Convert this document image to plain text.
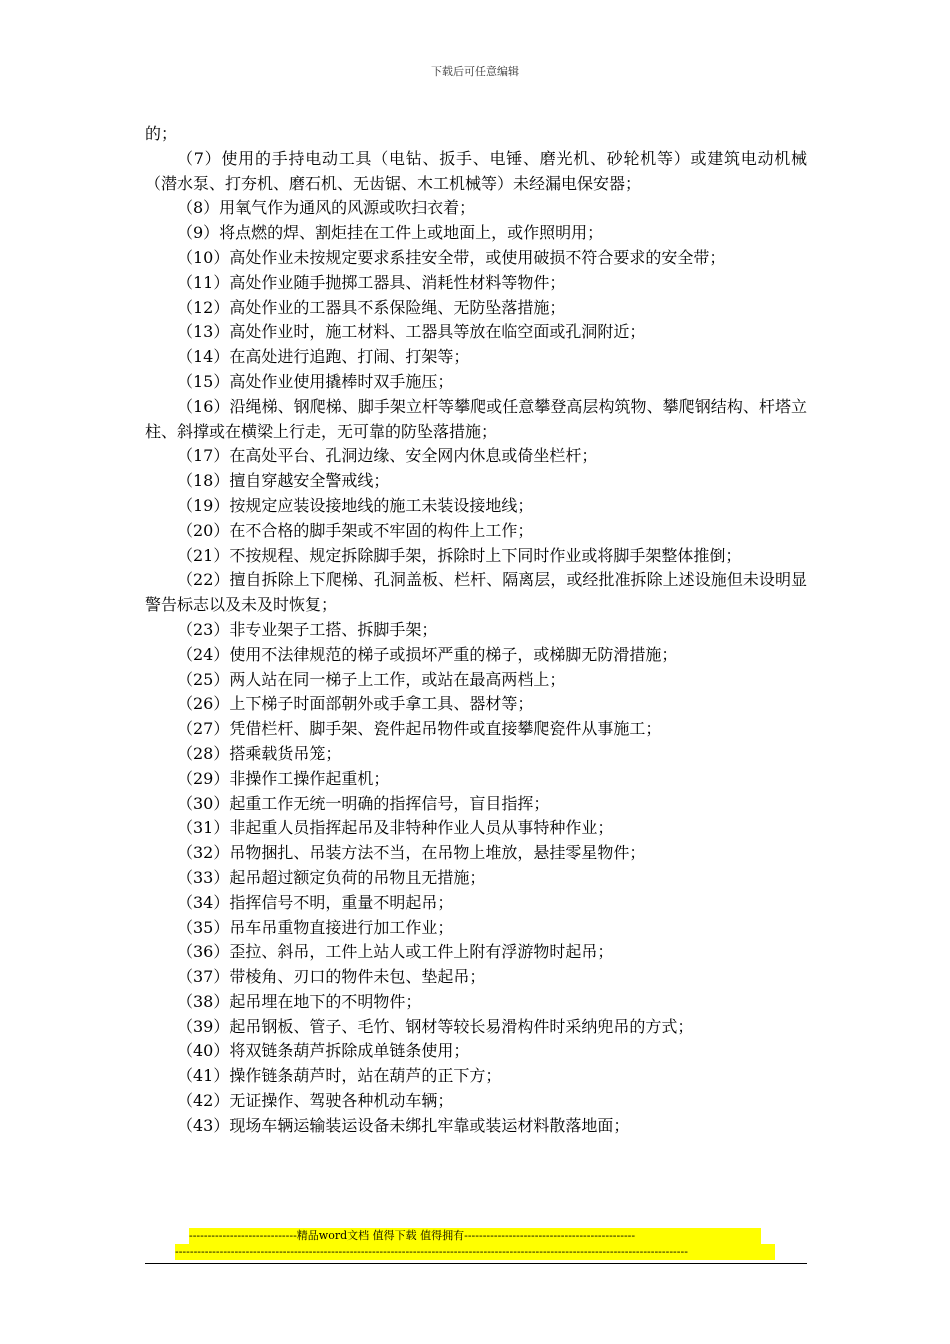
下载后可任意编辑

的；

（7）使用的手持电动工具（电钻、扳手、电锤、磨光机、砂轮机等）或建筑电动机械（潜水泵、打夯机、磨石机、无齿锯、木工机械等）未经漏电保安器；

（8）用氧气作为通风的风源或吹扫衣着；

（9）将点燃的焊、割炬挂在工件上或地面上，或作照明用；

（10）高处作业未按规定要求系挂安全带，或使用破损不符合要求的安全带；

（11）高处作业随手抛掷工器具、消耗性材料等物件；

（12）高处作业的工器具不系保险绳、无防坠落措施；

（13）高处作业时，施工材料、工器具等放在临空面或孔洞附近；

（14）在高处进行追跑、打闹、打架等；

（15）高处作业使用撬棒时双手施压；

（16）沿绳梯、钢爬梯、脚手架立杆等攀爬或任意攀登高层构筑物、攀爬钢结构、杆塔立柱、斜撑或在横梁上行走，无可靠的防坠落措施；

（17）在高处平台、孔洞边缘、安全网内休息或倚坐栏杆；

（18）擅自穿越安全警戒线；

（19）按规定应装设接地线的施工未装设接地线；

（20）在不合格的脚手架或不牢固的构件上工作；

（21）不按规程、规定拆除脚手架，拆除时上下同时作业或将脚手架整体推倒；

（22）擅自拆除上下爬梯、孔洞盖板、栏杆、隔离层，或经批准拆除上述设施但未设明显警告标志以及未及时恢复；

（23）非专业架子工搭、拆脚手架；

（24）使用不法律规范的梯子或损坏严重的梯子，或梯脚无防滑措施；

（25）两人站在同一梯子上工作，或站在最高两档上；

（26）上下梯子时面部朝外或手拿工具、器材等；

（27）凭借栏杆、脚手架、瓷件起吊物件或直接攀爬瓷件从事施工；

（28）搭乘载货吊笼；

（29）非操作工操作起重机；

（30）起重工作无统一明确的指挥信号，盲目指挥；

（31）非起重人员指挥起吊及非特种作业人员从事特种作业；

（32）吊物捆扎、吊装方法不当，在吊物上堆放，悬挂零星物件；

（33）起吊超过额定负荷的吊物且无措施；

（34）指挥信号不明，重量不明起吊；

（35）吊车吊重物直接进行加工作业；

（36）歪拉、斜吊，工件上站人或工件上附有浮游物时起吊；

（37）带棱角、刃口的物件未包、垫起吊；

（38）起吊埋在地下的不明物件；

（39）起吊钢板、管子、毛竹、钢材等较长易滑构件时采纳兜吊的方式；

（40）将双链条葫芦拆除成单链条使用；

（41）操作链条葫芦时，站在葫芦的正下方；

（42）无证操作、驾驶各种机动车辆；

（43）现场车辆运输装运设备未绑扎牢靠或装运材料散落地面；

-----------------------------精品word文档 值得下载 值得拥有----------------------------------------------
------------------------------------------------------------------------------------------------------------------------------------------
